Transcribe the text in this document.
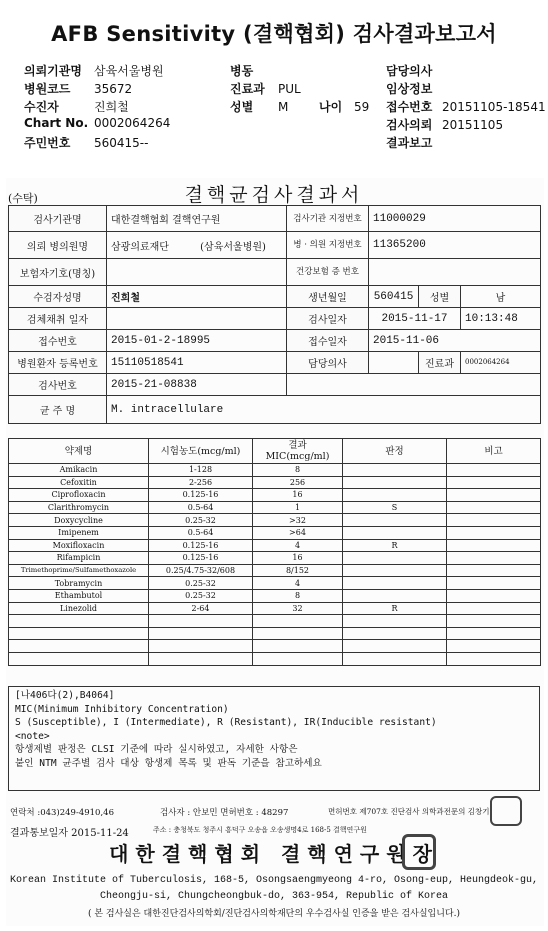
AFB Sensitivity (결핵협회) 검사결과보고서
의뢰기관명 삼육서울병원
병원코드 35672
수진자	진희철
Chart No. 0002064264
주민번호 560415--
병동
진료과 PUL
성별 M	나이 59
담당의사
임상정보
접수번호 20151105-18541
검사의뢰 20151105
결과보고
(수탁)	결핵균검사결과서
검사기관명	대한결핵협회 결핵연구원	검사기관 지정번호	11000029		
의뢰 병의원명	삼광의료재단 (삼육서울병원)	병 · 의원 지정번호	11365200		
보험자기호(명칭)		건강보험 증 번호			
수검자성명	진희철	생년월일	560415	성별	남
검체채취 일자		검사일자	2015-11-17		10:13:48
접수번호	2015-01-2-18995	접수일자	2015-11-06		
병원환자 등록번호	15110518541	담당의사		진료과	0002064264
검사번호	2015-21-08838				
균 주 명	M. intracellulare				
약제명	시험농도(mcg/ml)	결과 MIC(mcg/ml)	판정	비고
Amikacin	1-128	8		
Cefoxitin	2-256	256		
Ciprofloxacin	0.125-16	16		
Clarithromycin	0.5-64	1	S	
Doxycycline	0.25-32	>32		
Imipenem	0.5-64	>64		
Moxifloxacin	0.125-16	4	R	
Rifampicin	0.125-16	16		
Trimethoprime/Sulfamethoxazole	0.25/4.75-32/608	8/152		
Tobramycin	0.25-32	4		
Ethambutol	0.25-32	8		
Linezolid	2-64	32	R	

[나406다(2),B4064]
MIC(Minimum Inhibitory Concentration)
S (Susceptible), I (Intermediate), R (Resistant), IR(Inducible resistant)
<note>
항생제별 판정은 CLSI 기준에 따라 실시하였고, 자세한 사항은
붙인 NTM 균주별 검사 대상 항생제 목록 및 판독 기준을 참고하세요
연락처 :043)249-4910,46	검사자 : 안보민 면허번호 : 48297	면허번호 제707호 진단검사 의학과전문의 김창기
결과통보일자 2015-11-24	주소 : 충청북도 청주시 흥덕구 오송읍 오송생명4로 168-5 결핵연구원
대한결핵협회 결핵연구원장
Korean Institute of Tuberculosis, 168-5, Osongsaengmyeong 4-ro, Osong-eup, Heungdeok-gu,
Cheongju-si, Chungcheongbuk-do, 363-954, Republic of Korea
( 본 검사실은 대한진단검사의학회/진단검사의학재단의 우수검사실 인증을 받은 검사실입니다.)
